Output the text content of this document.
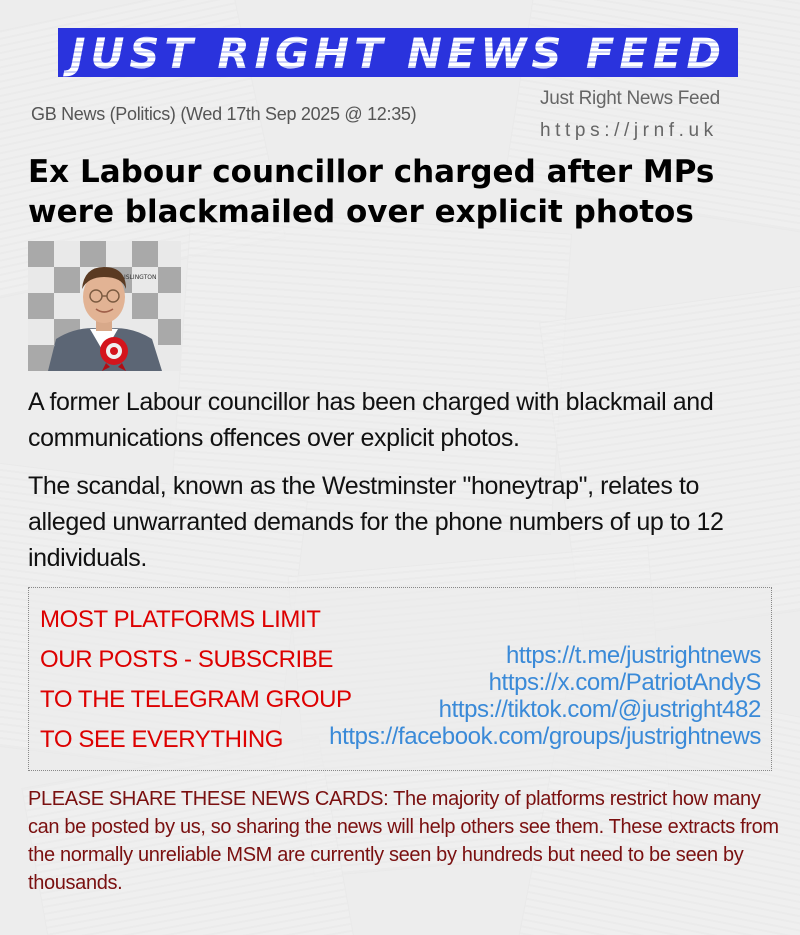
JUST RIGHT NEWS FEED
GB News (Politics) (Wed 17th Sep 2025 @ 12:35)
Just Right News Feed
https://jrnf.uk
Ex Labour councillor charged after MPs were blackmailed over explicit photos
ISLINGTON

A former Labour councillor has been charged with blackmail and communications offences over explicit photos.

The scandal, known as the Westminster "honeytrap", relates to alleged unwarranted demands for the phone numbers of up to 12 individuals.

MOST PLATFORMS LIMIT
OUR POSTS - SUBSCRIBE
TO THE TELEGRAM GROUP
TO SEE EVERYTHING
https://t.me/justrightnews
https://x.com/PatriotAndyS
https://tiktok.com/@justright482
https://facebook.com/groups/justrightnews

PLEASE SHARE THESE NEWS CARDS: The majority of platforms restrict how many can be posted by us, so sharing the news will help others see them. These extracts from the normally unreliable MSM are currently seen by hundreds but need to be seen by thousands.
